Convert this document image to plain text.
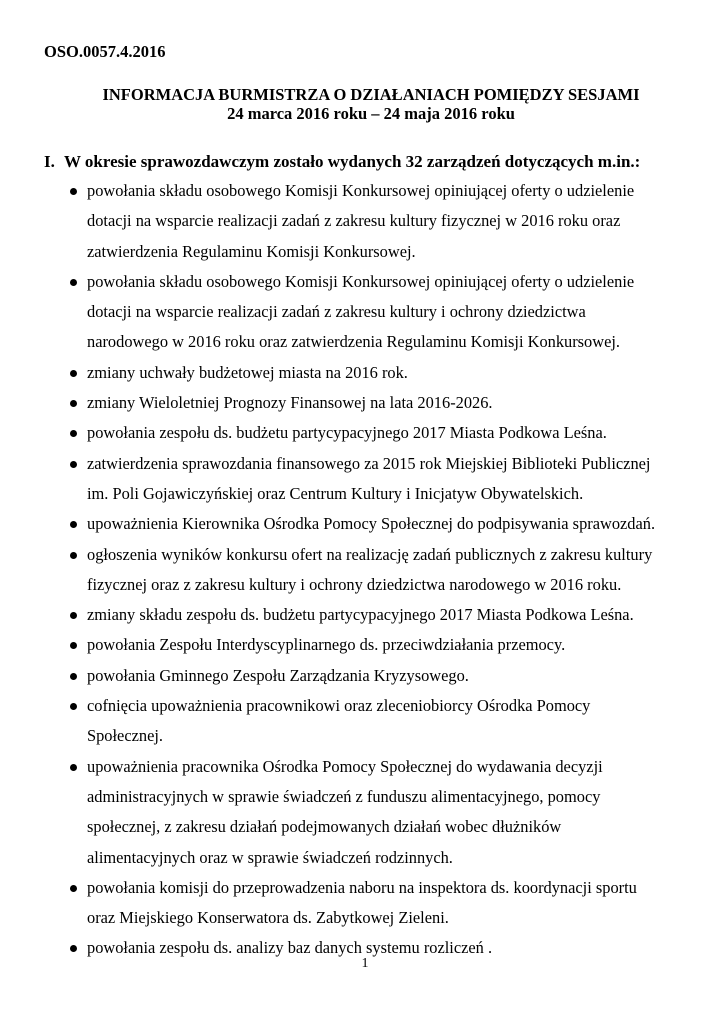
OSO.0057.4.2016
INFORMACJA BURMISTRZA O DZIAŁANIACH POMIĘDZY SESJAMI
24 marca 2016 roku – 24 maja 2016 roku
I. W okresie sprawozdawczym zostało wydanych 32 zarządzeń dotyczących m.in.:
powołania składu osobowego Komisji Konkursowej opiniującej oferty o udzielenie
dotacji na wsparcie realizacji zadań z zakresu kultury fizycznej w 2016 roku oraz
zatwierdzenia Regulaminu Komisji Konkursowej.
powołania składu osobowego Komisji Konkursowej opiniującej oferty o udzielenie
dotacji na wsparcie realizacji zadań z zakresu kultury i ochrony dziedzictwa
narodowego w 2016 roku oraz zatwierdzenia Regulaminu Komisji Konkursowej.
zmiany uchwały budżetowej miasta na 2016 rok.
zmiany Wieloletniej Prognozy Finansowej na lata 2016-2026.
powołania zespołu ds. budżetu partycypacyjnego 2017 Miasta Podkowa Leśna.
zatwierdzenia sprawozdania finansowego za 2015 rok Miejskiej Biblioteki Publicznej
im. Poli Gojawiczyńskiej oraz Centrum Kultury i Inicjatyw Obywatelskich.
upoważnienia Kierownika Ośrodka Pomocy Społecznej do podpisywania sprawozdań.
ogłoszenia wyników konkursu ofert na realizację zadań publicznych z zakresu kultury
fizycznej oraz z zakresu kultury i ochrony dziedzictwa narodowego w 2016 roku.
zmiany składu zespołu ds. budżetu partycypacyjnego 2017 Miasta Podkowa Leśna.
powołania Zespołu Interdyscyplinarnego ds. przeciwdziałania przemocy.
powołania Gminnego Zespołu Zarządzania Kryzysowego.
cofnięcia upoważnienia pracownikowi oraz zleceniobiorcy Ośrodka Pomocy
Społecznej.
upoważnienia pracownika Ośrodka Pomocy Społecznej do wydawania decyzji
administracyjnych w sprawie świadczeń z funduszu alimentacyjnego, pomocy
społecznej, z zakresu działań podejmowanych działań wobec dłużników
alimentacyjnych oraz w sprawie świadczeń rodzinnych.
powołania komisji do przeprowadzenia naboru na inspektora ds. koordynacji sportu
oraz Miejskiego Konserwatora ds. Zabytkowej Zieleni.
powołania zespołu ds. analizy baz danych systemu rozliczeń .
1
